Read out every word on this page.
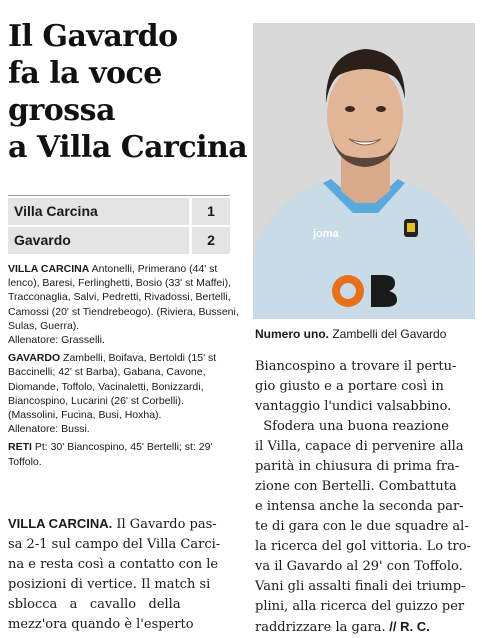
Il Gavardo
fa la voce
grossa
a Villa Carcina
joma
Numero uno. Zambelli del Gavardo
Villa Carcina	1
Gavardo	2

VILLA CARCINA Antonelli, Primerano (44' st
lenco), Baresi, Ferlinghetti, Bosio (33' st Maffei),
Tracconaglia, Salvi, Pedretti, Rivadossi, Bertelli,
Camossi (20' st Tiendrebeogo). (Riviera, Busseni,
Sulas, Guerra).
Allenatore: Grasselli.

GAVARDO Zambelli, Boifava, Bertoldi (15' st
Baccinelli; 42' st Barba), Gabana, Cavone,
Diomande, Toffolo, Vacinaletti, Bonizzardi,
Biancospino, Lucarini (26' st Corbelli).
(Massolini, Fucina, Busi, Hoxha).
Allenatore: Bussi.

RETI Pt: 30' Biancospino, 45' Bertelli; st: 29'
Toffolo.

VILLA CARCINA. Il Gavardo pas-
sa 2-1 sul campo del Villa Carci-
na e resta così a contatto con le
posizioni di vertice. Il match si
sblocca   a   cavallo   della
mezz'ora quando è l'esperto
Biancospino a trovare il pertu-
gio giusto e a portare così in
vantaggio l'undici valsabbino.
Sfodera una buona reazione
il Villa, capace di pervenire alla
parità in chiusura di prima fra-
zione con Bertelli. Combattuta
e intensa anche la seconda par-
te di gara con le due squadre al-
la ricerca del gol vittoria. Lo tro-
va il Gavardo al 29' con Toffolo.
Vani gli assalti finali dei triump-
plini, alla ricerca del guizzo per
raddrizzare la gara. // R. C.
